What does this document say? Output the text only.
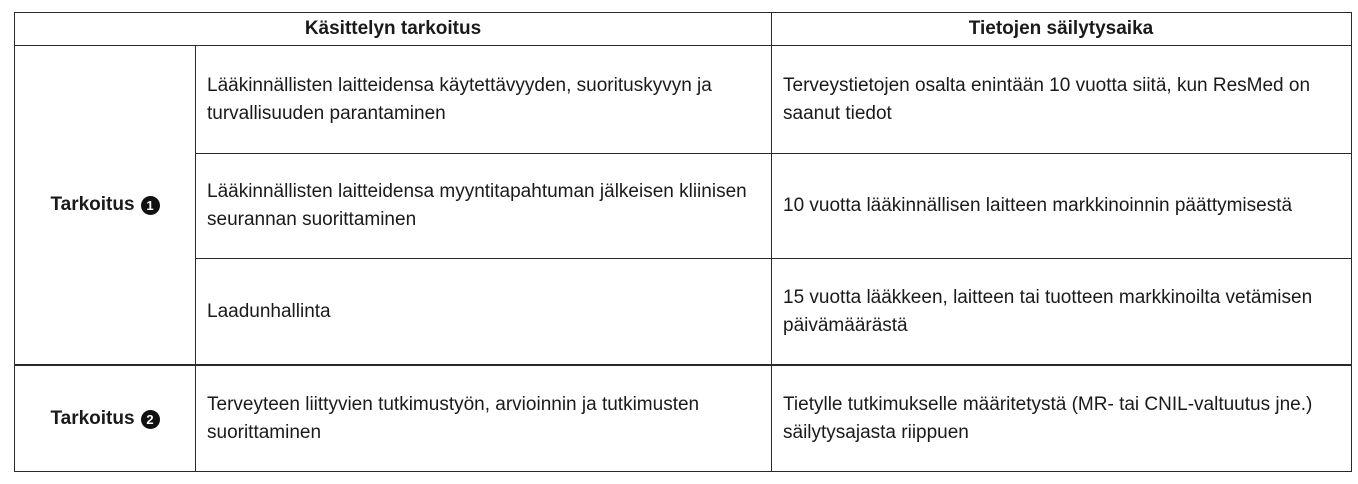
Käsittelyn tarkoitus	Tietojen säilytysaika
Tarkoitus 1
Lääkinnällisten laitteidensa käytettävyyden, suorituskyvyn ja turvallisuuden parantaminen
Terveystietojen osalta enintään 10 vuotta siitä, kun ResMed on saanut tiedot
Lääkinnällisten laitteidensa myyntitapahtuman jälkeisen kliinisen seurannan suorittaminen
10 vuotta lääkinnällisen laitteen markkinoinnin päättymisestä
Laadunhallinta
15 vuotta lääkkeen, laitteen tai tuotteen markkinoilta vetämisen päivämäärästä
Tarkoitus 2
Terveyteen liittyvien tutkimustyön, arvioinnin ja tutkimusten suorittaminen
Tietylle tutkimukselle määritetystä (MR- tai CNIL-valtuutus jne.) säilytysajasta riippuen
